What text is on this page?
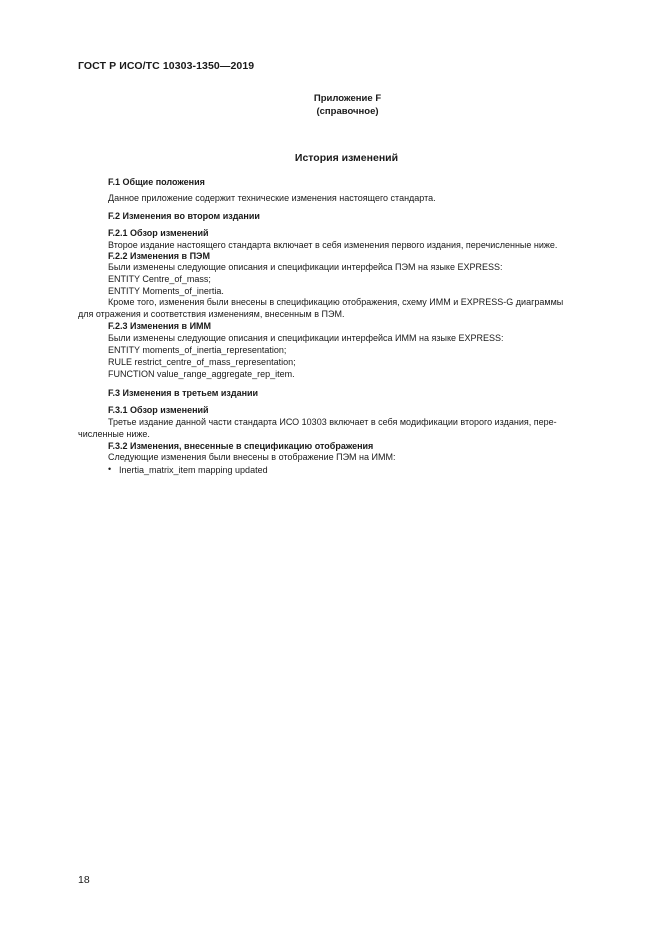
ГОСТ Р ИСО/ТС 10303-1350—2019
Приложение F
(справочное)
История изменений
F.1 Общие положения
Данное приложение содержит технические изменения настоящего стандарта.
F.2 Изменения во втором издании
F.2.1 Обзор изменений
Второе издание настоящего стандарта включает в себя изменения первого издания, перечисленные ниже.
F.2.2 Изменения в ПЭМ
Были изменены следующие описания и спецификации интерфейса ПЭМ на языке EXPRESS:
ENTITY Centre_of_mass;
ENTITY Moments_of_inertia.
Кроме того, изменения были внесены в спецификацию отображения, схему ИММ и EXPRESS-G диаграммы
для отражения и соответствия изменениям, внесенным в ПЭМ.
F.2.3 Изменения в ИММ
Были изменены следующие описания и спецификации интерфейса ИММ на языке EXPRESS:
ENTITY moments_of_inertia_representation;
RULE restrict_centre_of_mass_representation;
FUNCTION value_range_aggregate_rep_item.
F.3 Изменения в третьем издании
F.3.1 Обзор изменений
Третье издание данной части стандарта ИСО 10303 включает в себя модификации второго издания, пере-
численные ниже.
F.3.2 Изменения, внесенные в спецификацию отображения
Следующие изменения были внесены в отображение ПЭМ на ИММ:
• Inertia_matrix_item mapping updated
18
